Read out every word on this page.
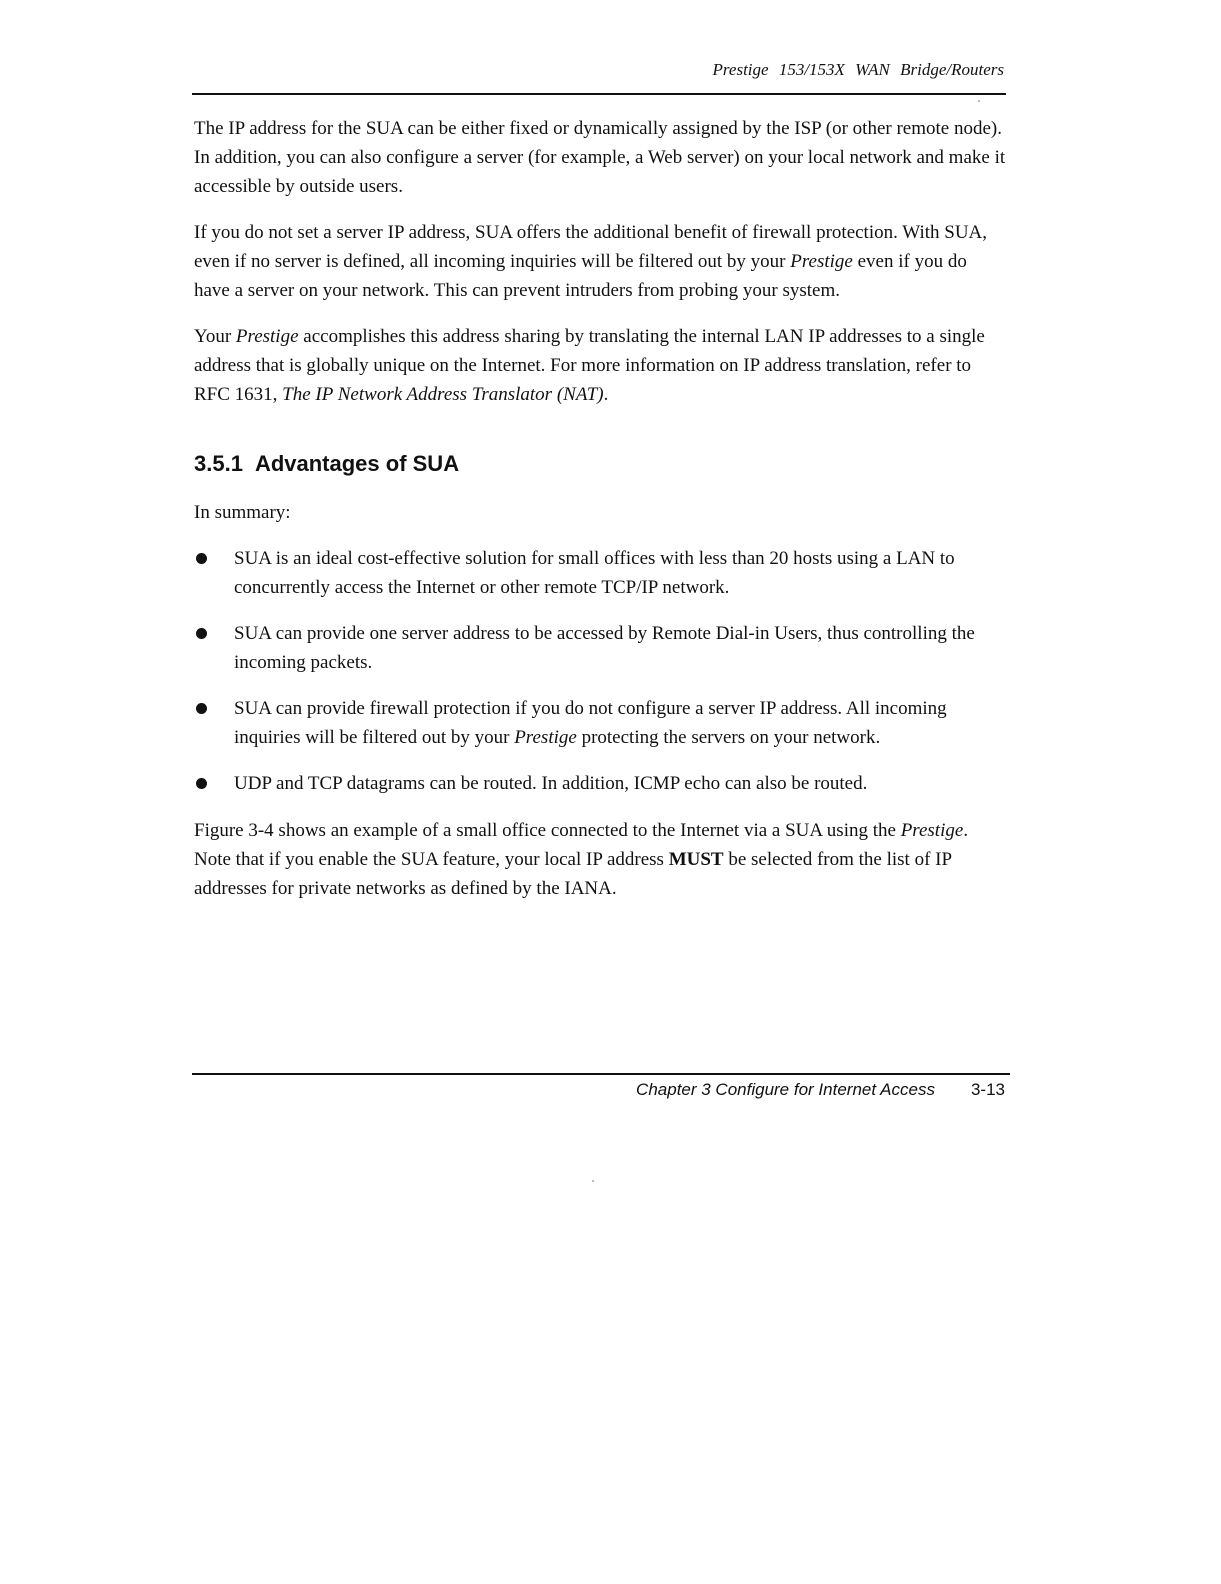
Prestige 153/153X WAN Bridge/Routers

The IP address for the SUA can be either fixed or dynamically assigned by the ISP (or other remote node). In addition, you can also configure a server (for example, a Web server) on your local network and make it accessible by outside users.

If you do not set a server IP address, SUA offers the additional benefit of firewall protection. With SUA, even if no server is defined, all incoming inquiries will be filtered out by your Prestige even if you do have a server on your network. This can prevent intruders from probing your system.

Your Prestige accomplishes this address sharing by translating the internal LAN IP addresses to a single address that is globally unique on the Internet. For more information on IP address translation, refer to RFC 1631, The IP Network Address Translator (NAT).

3.5.1 Advantages of SUA

In summary:

SUA is an ideal cost-effective solution for small offices with less than 20 hosts using a LAN to concurrently access the Internet or other remote TCP/IP network.
SUA can provide one server address to be accessed by Remote Dial-in Users, thus controlling the incoming packets.
SUA can provide firewall protection if you do not configure a server IP address. All incoming inquiries will be filtered out by your Prestige protecting the servers on your network.
UDP and TCP datagrams can be routed. In addition, ICMP echo can also be routed.

Figure 3-4 shows an example of a small office connected to the Internet via a SUA using the Prestige. Note that if you enable the SUA feature, your local IP address MUST be selected from the list of IP addresses for private networks as defined by the IANA.

Chapter 3 Configure for Internet Access 3-13
